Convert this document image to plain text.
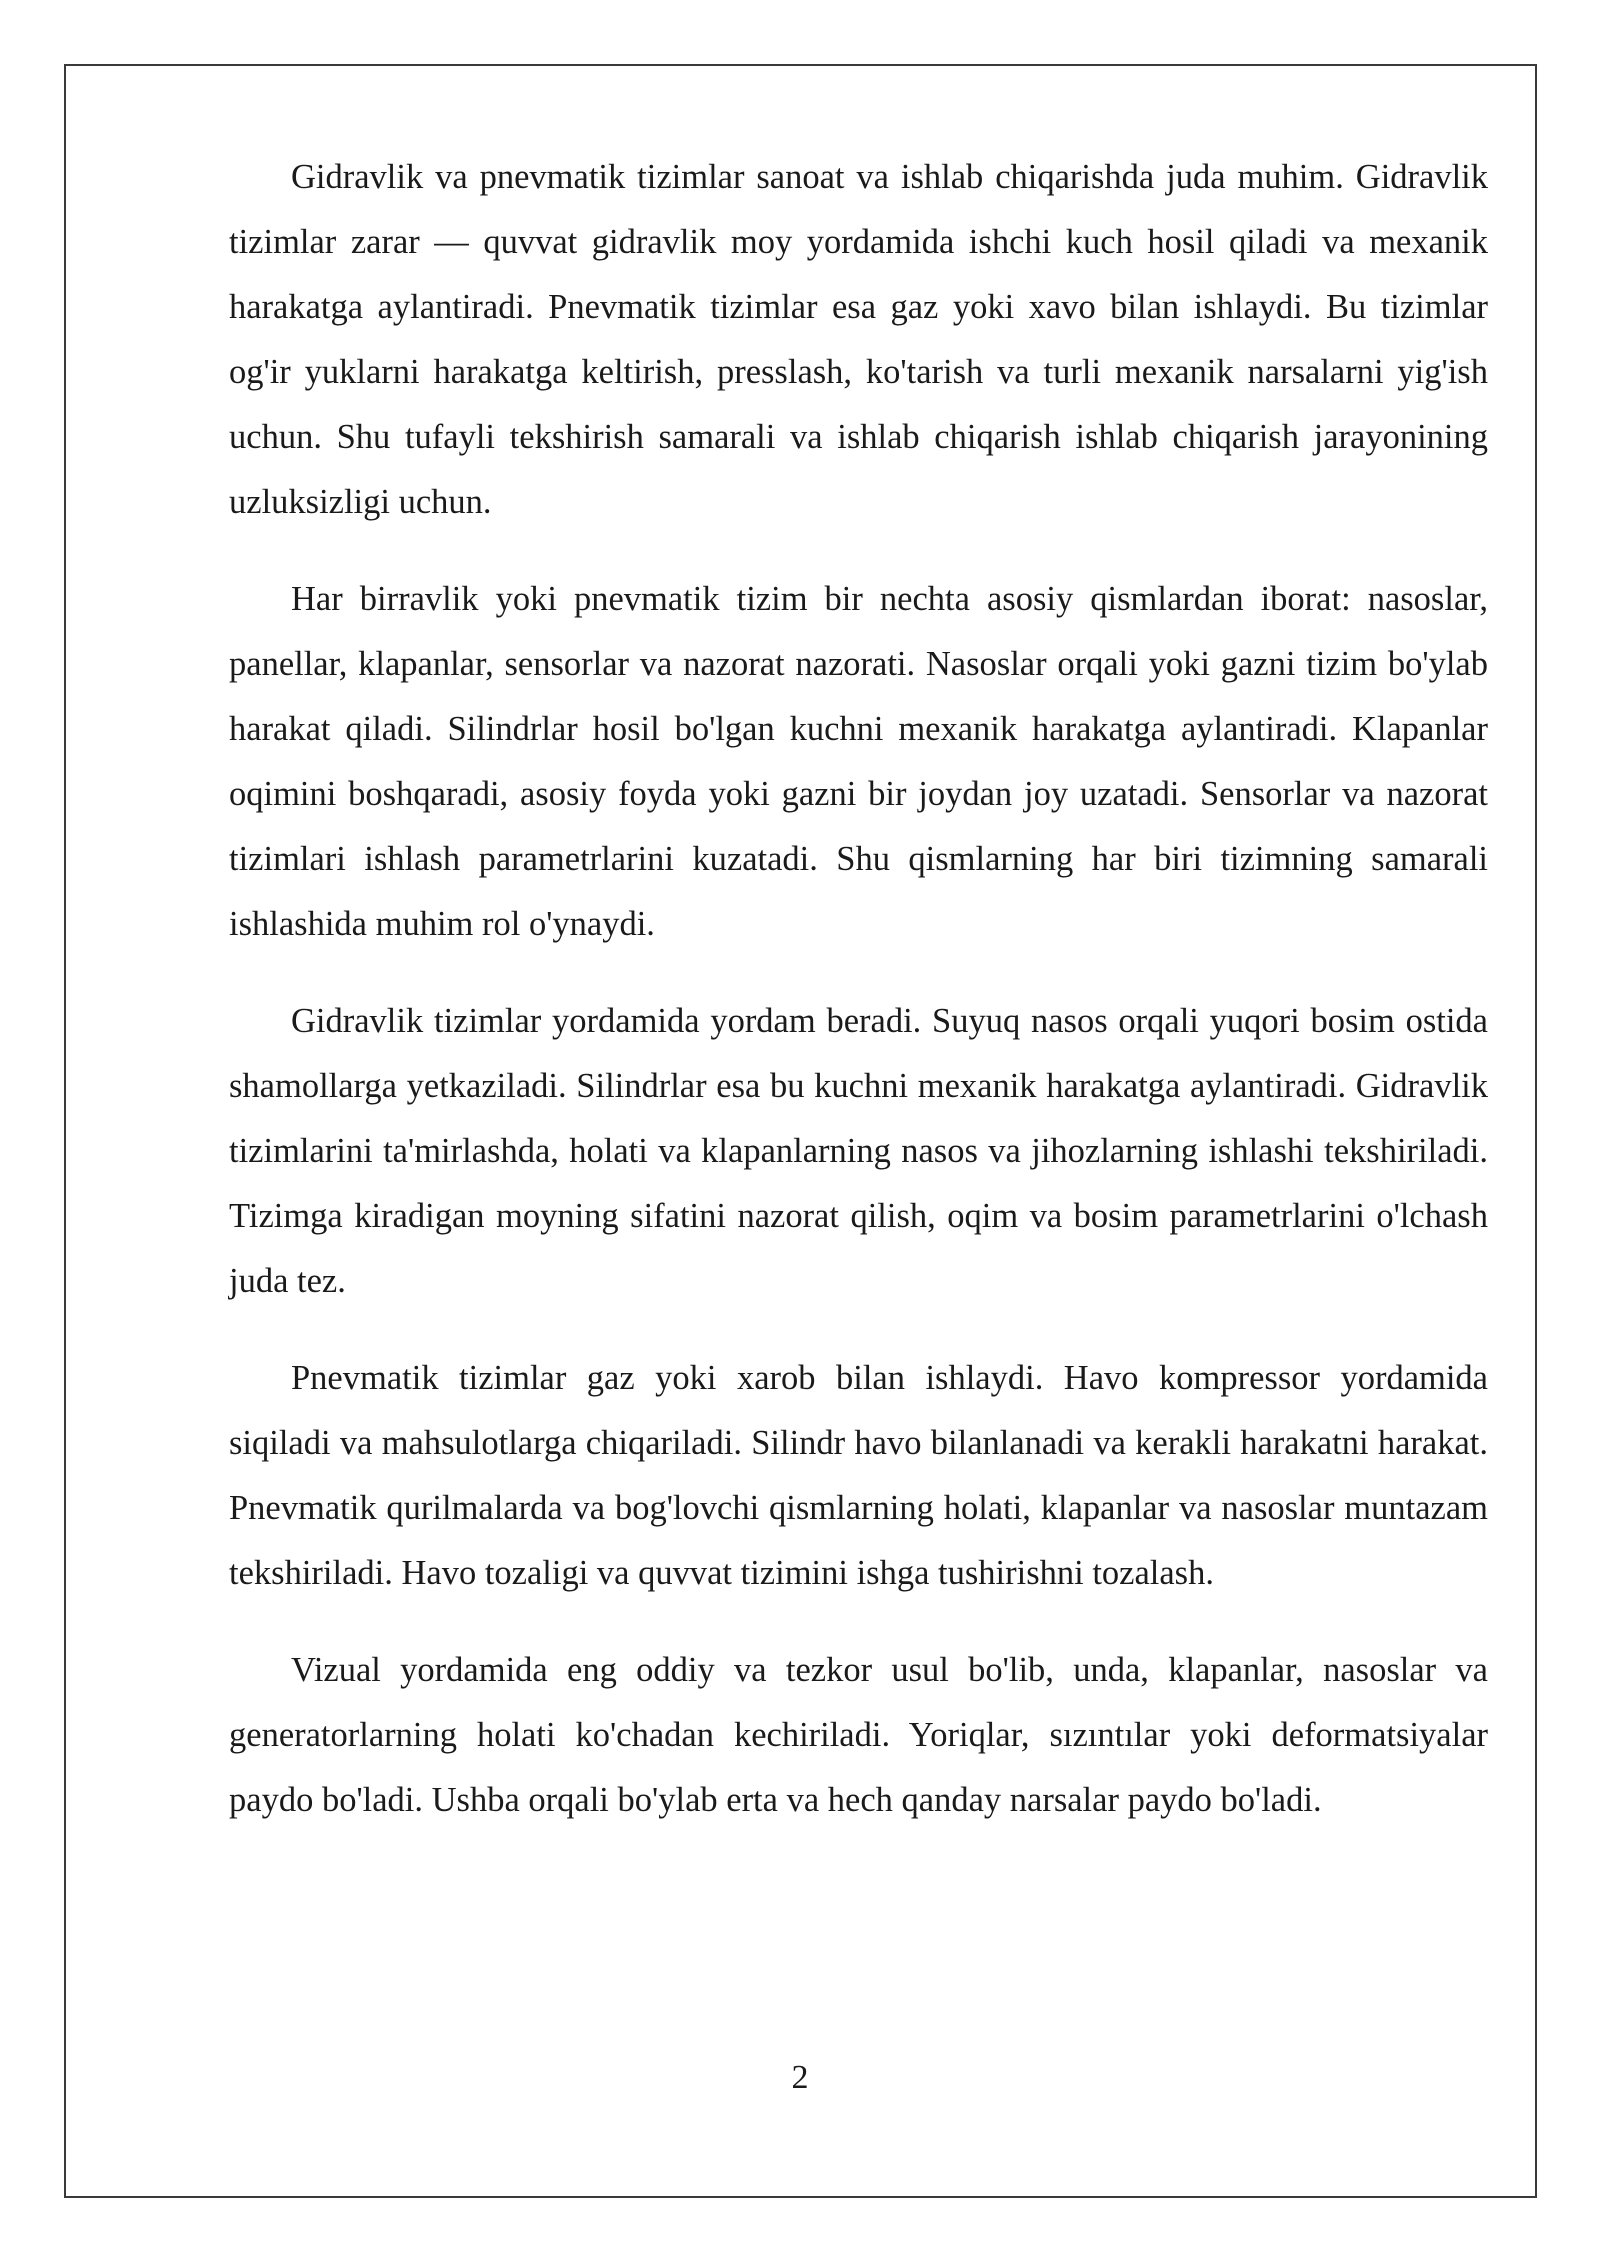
Gidravlik va pnevmatik tizimlar sanoat va ishlab chiqarishda juda muhim. Gidravlik tizimlar zarar — quvvat gidravlik moy yordamida ishchi kuch hosil qiladi va mexanik harakatga aylantiradi. Pnevmatik tizimlar esa gaz yoki xavo bilan ishlaydi. Bu tizimlar og'ir yuklarni harakatga keltirish, presslash, ko'tarish va turli mexanik narsalarni yig'ish uchun. Shu tufayli tekshirish samarali va ishlab chiqarish ishlab chiqarish jarayonining uzluksizligi uchun.

Har birravlik yoki pnevmatik tizim bir nechta asosiy qismlardan iborat: nasoslar, panellar, klapanlar, sensorlar va nazorat nazorati. Nasoslar orqali yoki gazni tizim bo'ylab harakat qiladi. Silindrlar hosil bo'lgan kuchni mexanik harakatga aylantiradi. Klapanlar oqimini boshqaradi, asosiy foyda yoki gazni bir joydan joy uzatadi. Sensorlar va nazorat tizimlari ishlash parametrlarini kuzatadi. Shu qismlarning har biri tizimning samarali ishlashida muhim rol o'ynaydi.

Gidravlik tizimlar yordamida yordam beradi. Suyuq nasos orqali yuqori bosim ostida shamollarga yetkaziladi. Silindrlar esa bu kuchni mexanik harakatga aylantiradi. Gidravlik tizimlarini ta'mirlashda, holati va klapanlarning nasos va jihozlarning ishlashi tekshiriladi. Tizimga kiradigan moyning sifatini nazorat qilish, oqim va bosim parametrlarini o'lchash juda tez.

Pnevmatik tizimlar gaz yoki xarob bilan ishlaydi. Havo kompressor yordamida siqiladi va mahsulotlarga chiqariladi. Silindr havo bilanlanadi va kerakli harakatni harakat. Pnevmatik qurilmalarda va bog'lovchi qismlarning holati, klapanlar va nasoslar muntazam tekshiriladi. Havo tozaligi va quvvat tizimini ishga tushirishni tozalash.

Vizual yordamida eng oddiy va tezkor usul bo'lib, unda, klapanlar, nasoslar va generatorlarning holati ko'chadan kechiriladi. Yoriqlar, sızıntılar yoki deformatsiyalar paydo bo'ladi. Ushba orqali bo'ylab erta va hech qanday narsalar paydo bo'ladi.

2
